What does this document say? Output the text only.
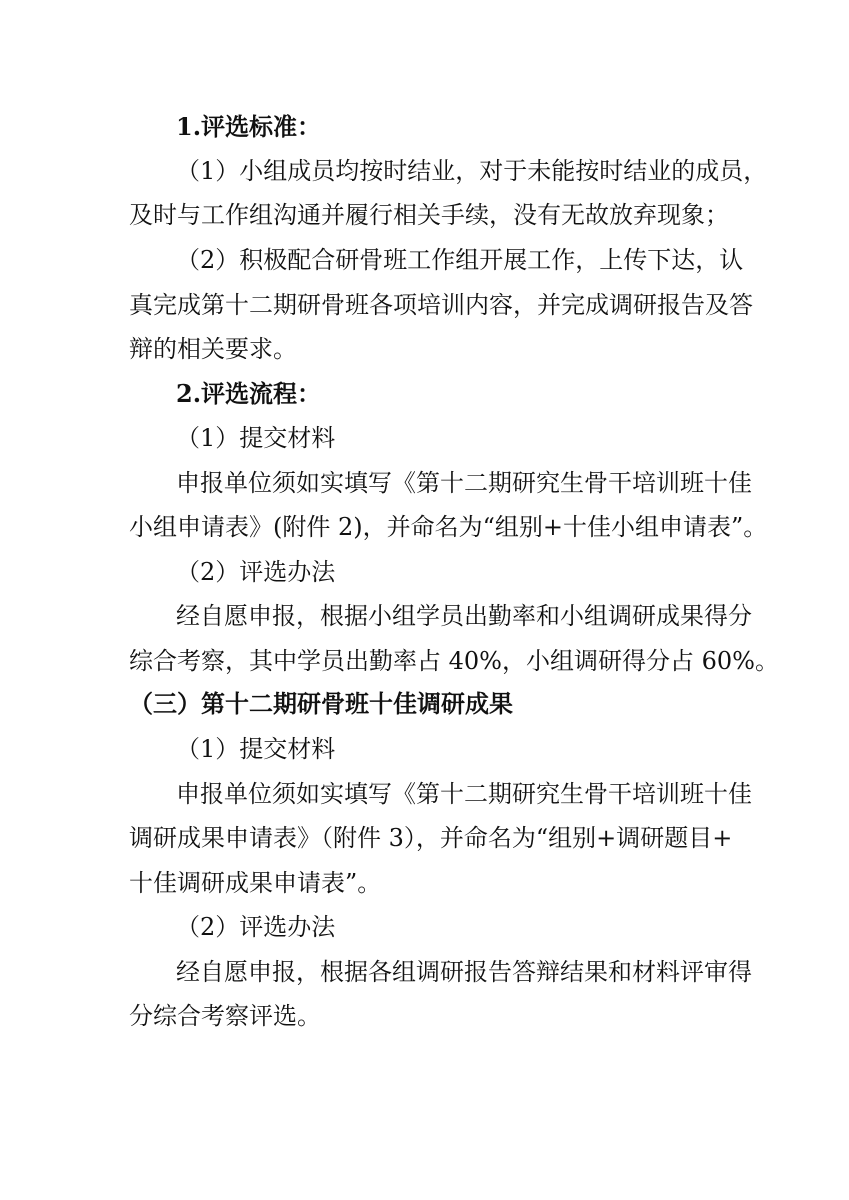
1.评选标准：
（1）小组成员均按时结业，对于未能按时结业的成员，
及时与工作组沟通并履行相关手续，没有无故放弃现象；
（2）积极配合研骨班工作组开展工作，上传下达，认
真完成第十二期研骨班各项培训内容，并完成调研报告及答
辩的相关要求。
2.评选流程：
（1）提交材料
申报单位须如实填写《第十二期研究生骨干培训班十佳
小组申请表》(附件 2)，并命名为“组别+十佳小组申请表”。
（2）评选办法
经自愿申报，根据小组学员出勤率和小组调研成果得分
综合考察，其中学员出勤率占 40%，小组调研得分占 60%。
（三）第十二期研骨班十佳调研成果
（1）提交材料
申报单位须如实填写《第十二期研究生骨干培训班十佳
调研成果申请表》（附件 3），并命名为“组别+调研题目+
十佳调研成果申请表”。
（2）评选办法
经自愿申报，根据各组调研报告答辩结果和材料评审得
分综合考察评选。
